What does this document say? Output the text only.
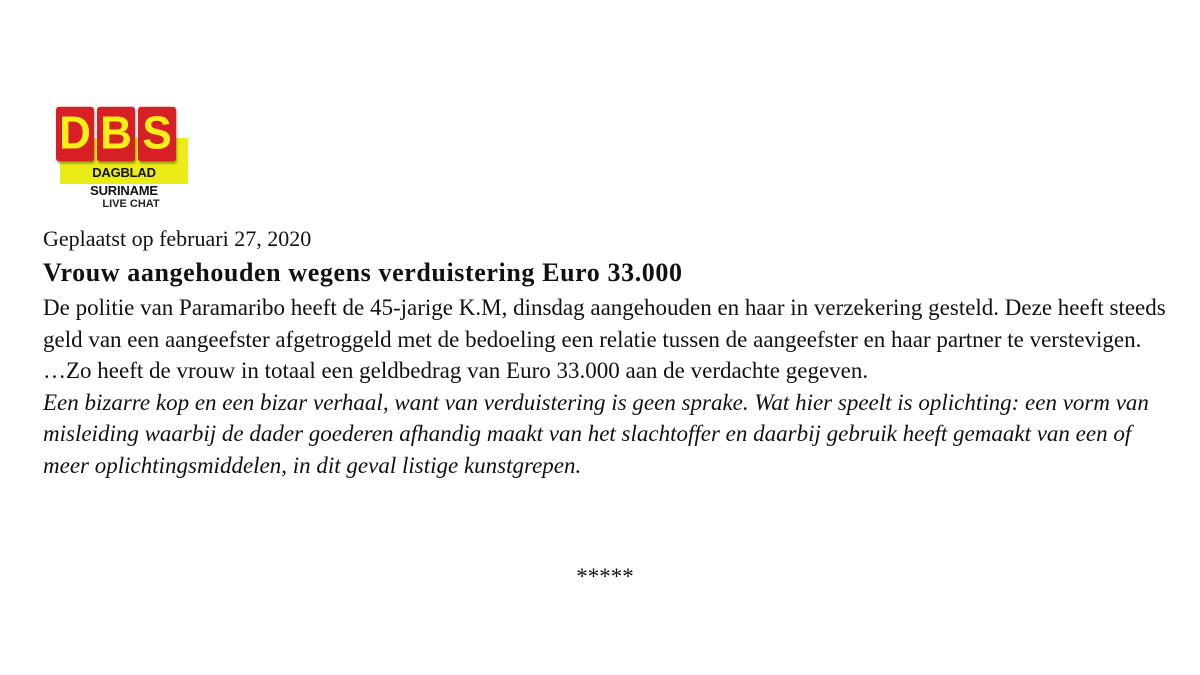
D B S
DAGBLAD SURINAME
LIVE CHAT
Geplaatst op februari 27, 2020
Vrouw aangehouden wegens verduistering Euro 33.000

De politie van Paramaribo heeft de 45-jarige K.M, dinsdag aangehouden en haar in verzekering gesteld. Deze heeft steeds geld van een aangeefster afgetroggeld met de bedoeling een relatie tussen de aangeefster en haar partner te verstevigen.

…Zo heeft de vrouw in totaal een geldbedrag van Euro 33.000 aan de verdachte gegeven.

Een bizarre kop en een bizar verhaal, want van verduistering is geen sprake. Wat hier speelt is oplichting: een vorm van misleiding waarbij de dader goederen afhandig maakt van het slachtoffer en daarbij gebruik heeft gemaakt van een of meer oplichtingsmiddelen, in dit geval listige kunstgrepen.

*****
